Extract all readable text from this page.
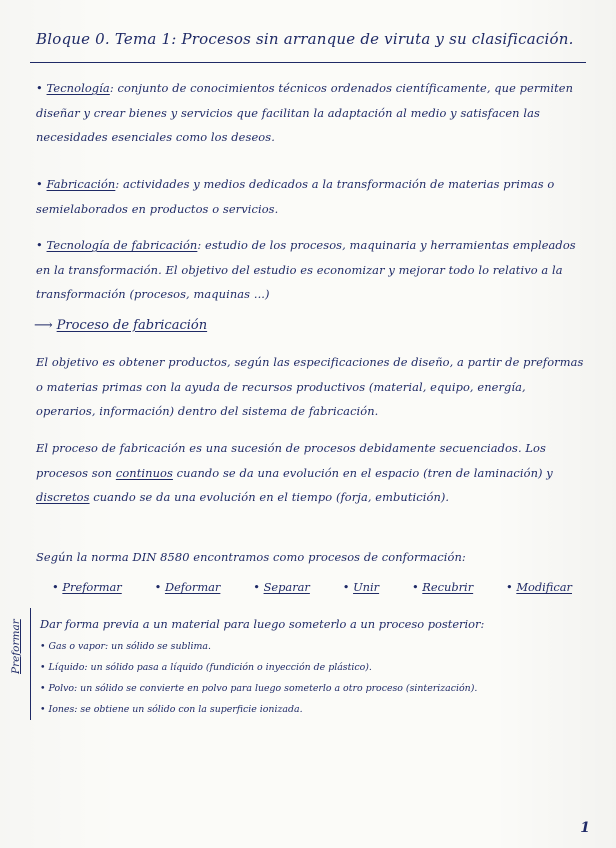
Bloque 0. Tema 1: Procesos sin arranque de viruta y su clasificación.

• Tecnología: conjunto de conocimientos técnicos ordenados científicamente, que permiten diseñar y crear bienes y servicios que facilitan la adaptación al medio y satisfacen las necesidades esenciales como los deseos.

• Fabricación: actividades y medios dedicados a la transformación de materias primas o semielaborados en productos o servicios.

• Tecnología de fabricación: estudio de los procesos, maquinaria y herramientas empleados en la transformación. El objetivo del estudio es economizar y mejorar todo lo relativo a la transformación (procesos, maquinas ...)

⟶ Proceso de fabricación

El objetivo es obtener productos, según las especificaciones de diseño, a partir de preformas o materias primas con la ayuda de recursos productivos (material, equipo, energía, operarios, información) dentro del sistema de fabricación.

El proceso de fabricación es una sucesión de procesos debidamente secuenciados. Los procesos son continuos cuando se da una evolución en el espacio (tren de laminación) y discretos cuando se da una evolución en el tiempo (forja, embutición).

Según la norma DIN 8580 encontramos como procesos de conformación:

• Preformar	• Deformar	• Separar	• Unir	• Recubrir	• Modificar
Preformar Dar forma previa a un material para luego someterlo a un proceso posterior:

• Gas o vapor: un sólido se sublima.

• Líquido: un sólido pasa a líquido (fundición o inyección de plástico).

• Polvo: un sólido se convierte en polvo para luego someterlo a otro proceso (sinterización).

• Iones: se obtiene un sólido con la superficie ionizada.

1
